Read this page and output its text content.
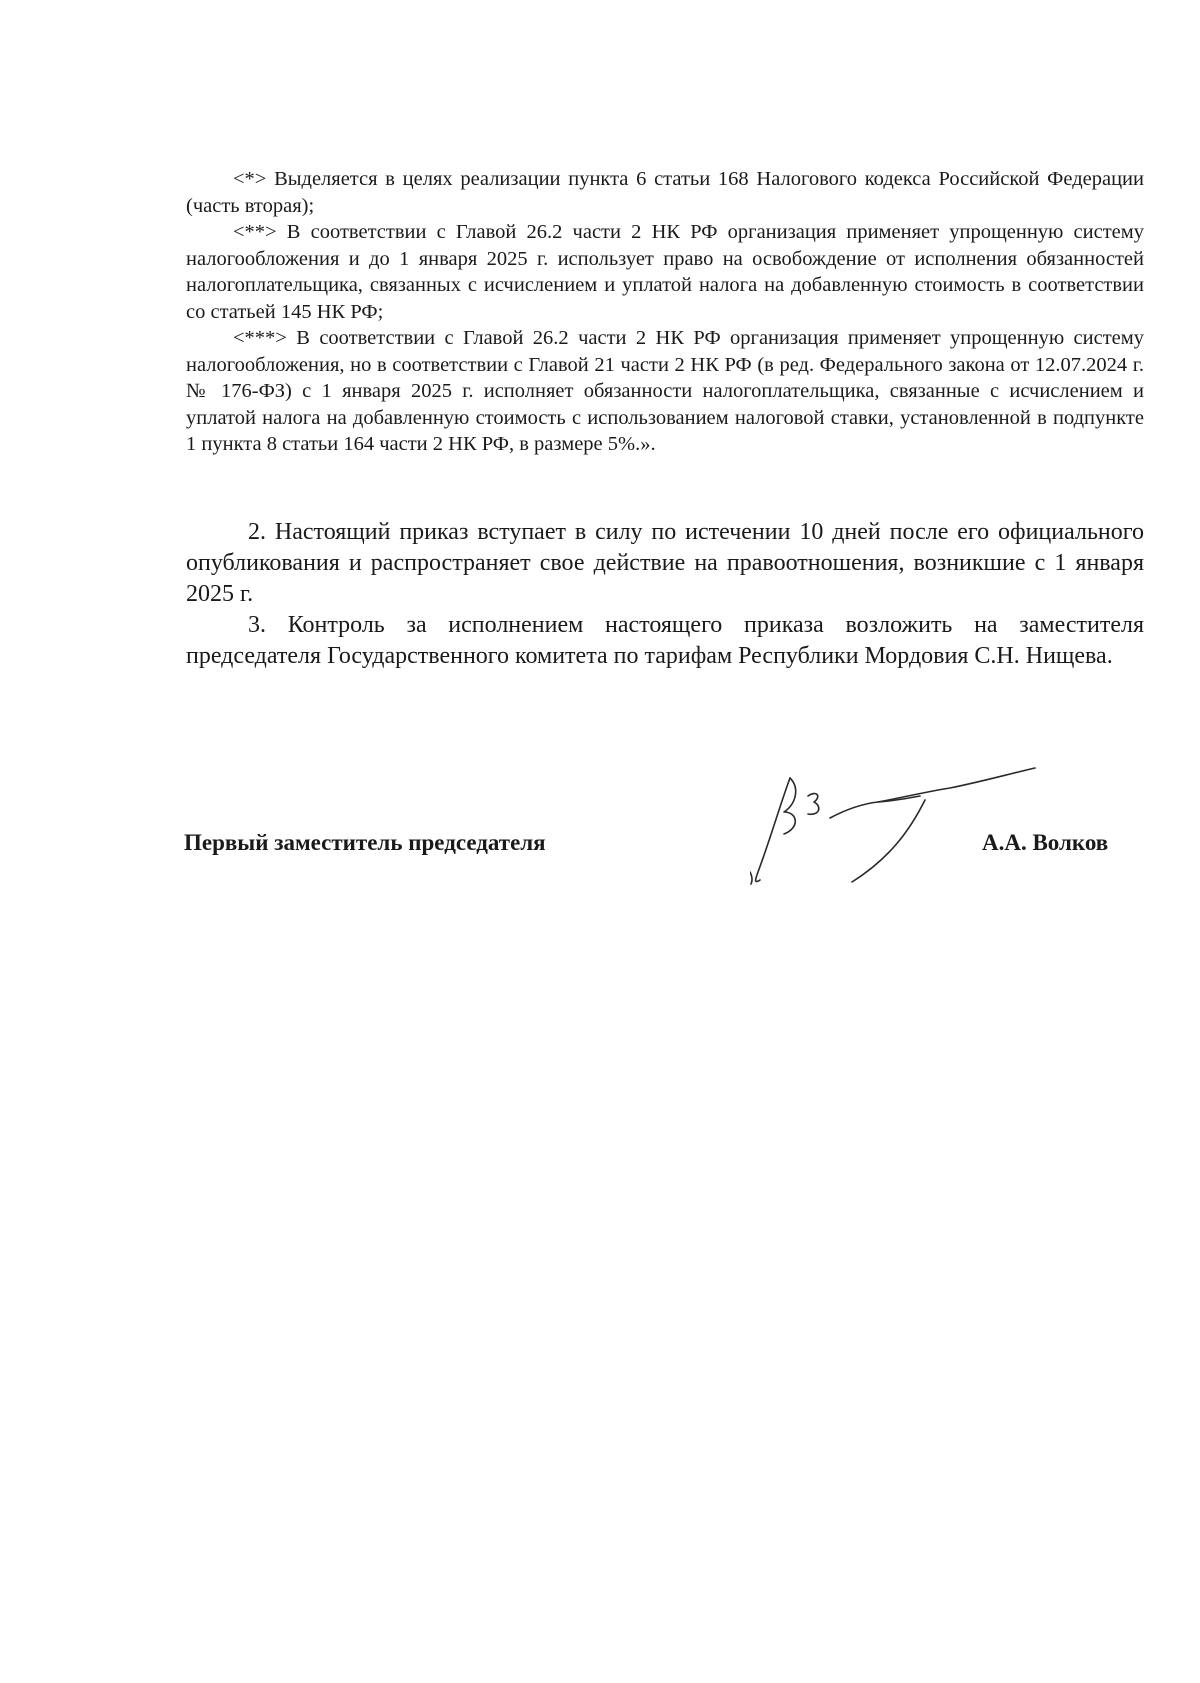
<*> Выделяется в целях реализации пункта 6 статьи 168 Налогового кодекса Российской Федерации (часть вторая);

<**> В соответствии с Главой 26.2 части 2 НК РФ организация применяет упрощенную систему налогообложения и до 1 января 2025 г. использует право на освобождение от исполнения обязанностей налогоплательщика, связанных с исчислением и уплатой налога на добавленную стоимость в соответствии со статьей 145 НК РФ;

<***> В соответствии с Главой 26.2 части 2 НК РФ организация применяет упрощенную систему налогообложения, но в соответствии с Главой 21 части 2 НК РФ (в ред. Федерального закона от 12.07.2024 г. № 176-ФЗ) с 1 января 2025 г. исполняет обязанности налогоплательщика, связанные с исчислением и уплатой налога на добавленную стоимость с использованием налоговой ставки, установленной в подпункте 1 пункта 8 статьи 164 части 2 НК РФ, в размере 5%.».

2. Настоящий приказ вступает в силу по истечении 10 дней после его официального опубликования и распространяет свое действие на правоотношения, возникшие с 1 января 2025 г.

3. Контроль за исполнением настоящего приказа возложить на заместителя председателя Государственного комитета по тарифам Республики Мордовия С.Н. Нищева.

Первый заместитель председателя	А.А. Волков
